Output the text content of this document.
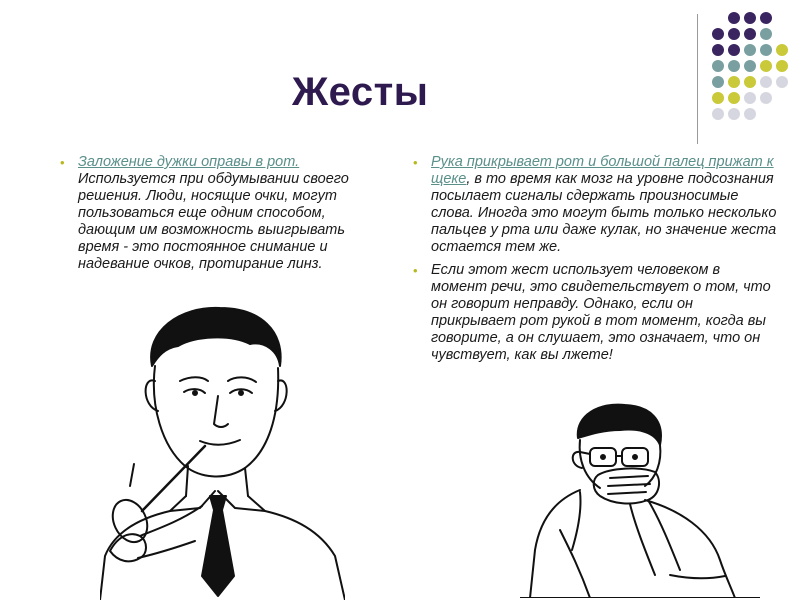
Жесты
• Заложение дужки оправы в рот. Используется при обдумывании своего решения. Люди, носящие очки, могут пользоваться еще одним способом, дающим им возможность выигрывать время - это постоянное снимание и надевание очков, протирание линз.
• Рука прикрывает рот и большой палец прижат к щеке, в то время как мозг на уровне подсознания посылает сигналы сдержать произносимые слова. Иногда это могут быть только несколько пальцев у рта или даже кулак, но значение жеста остается тем же.
• Если этот жест использует человеком в момент речи, это свидетельствует о том, что он говорит неправду. Однако, если он прикрывает рот рукой в тот момент, когда вы говорите, а он слушает, это означает, что он чувствует, как вы лжете!
